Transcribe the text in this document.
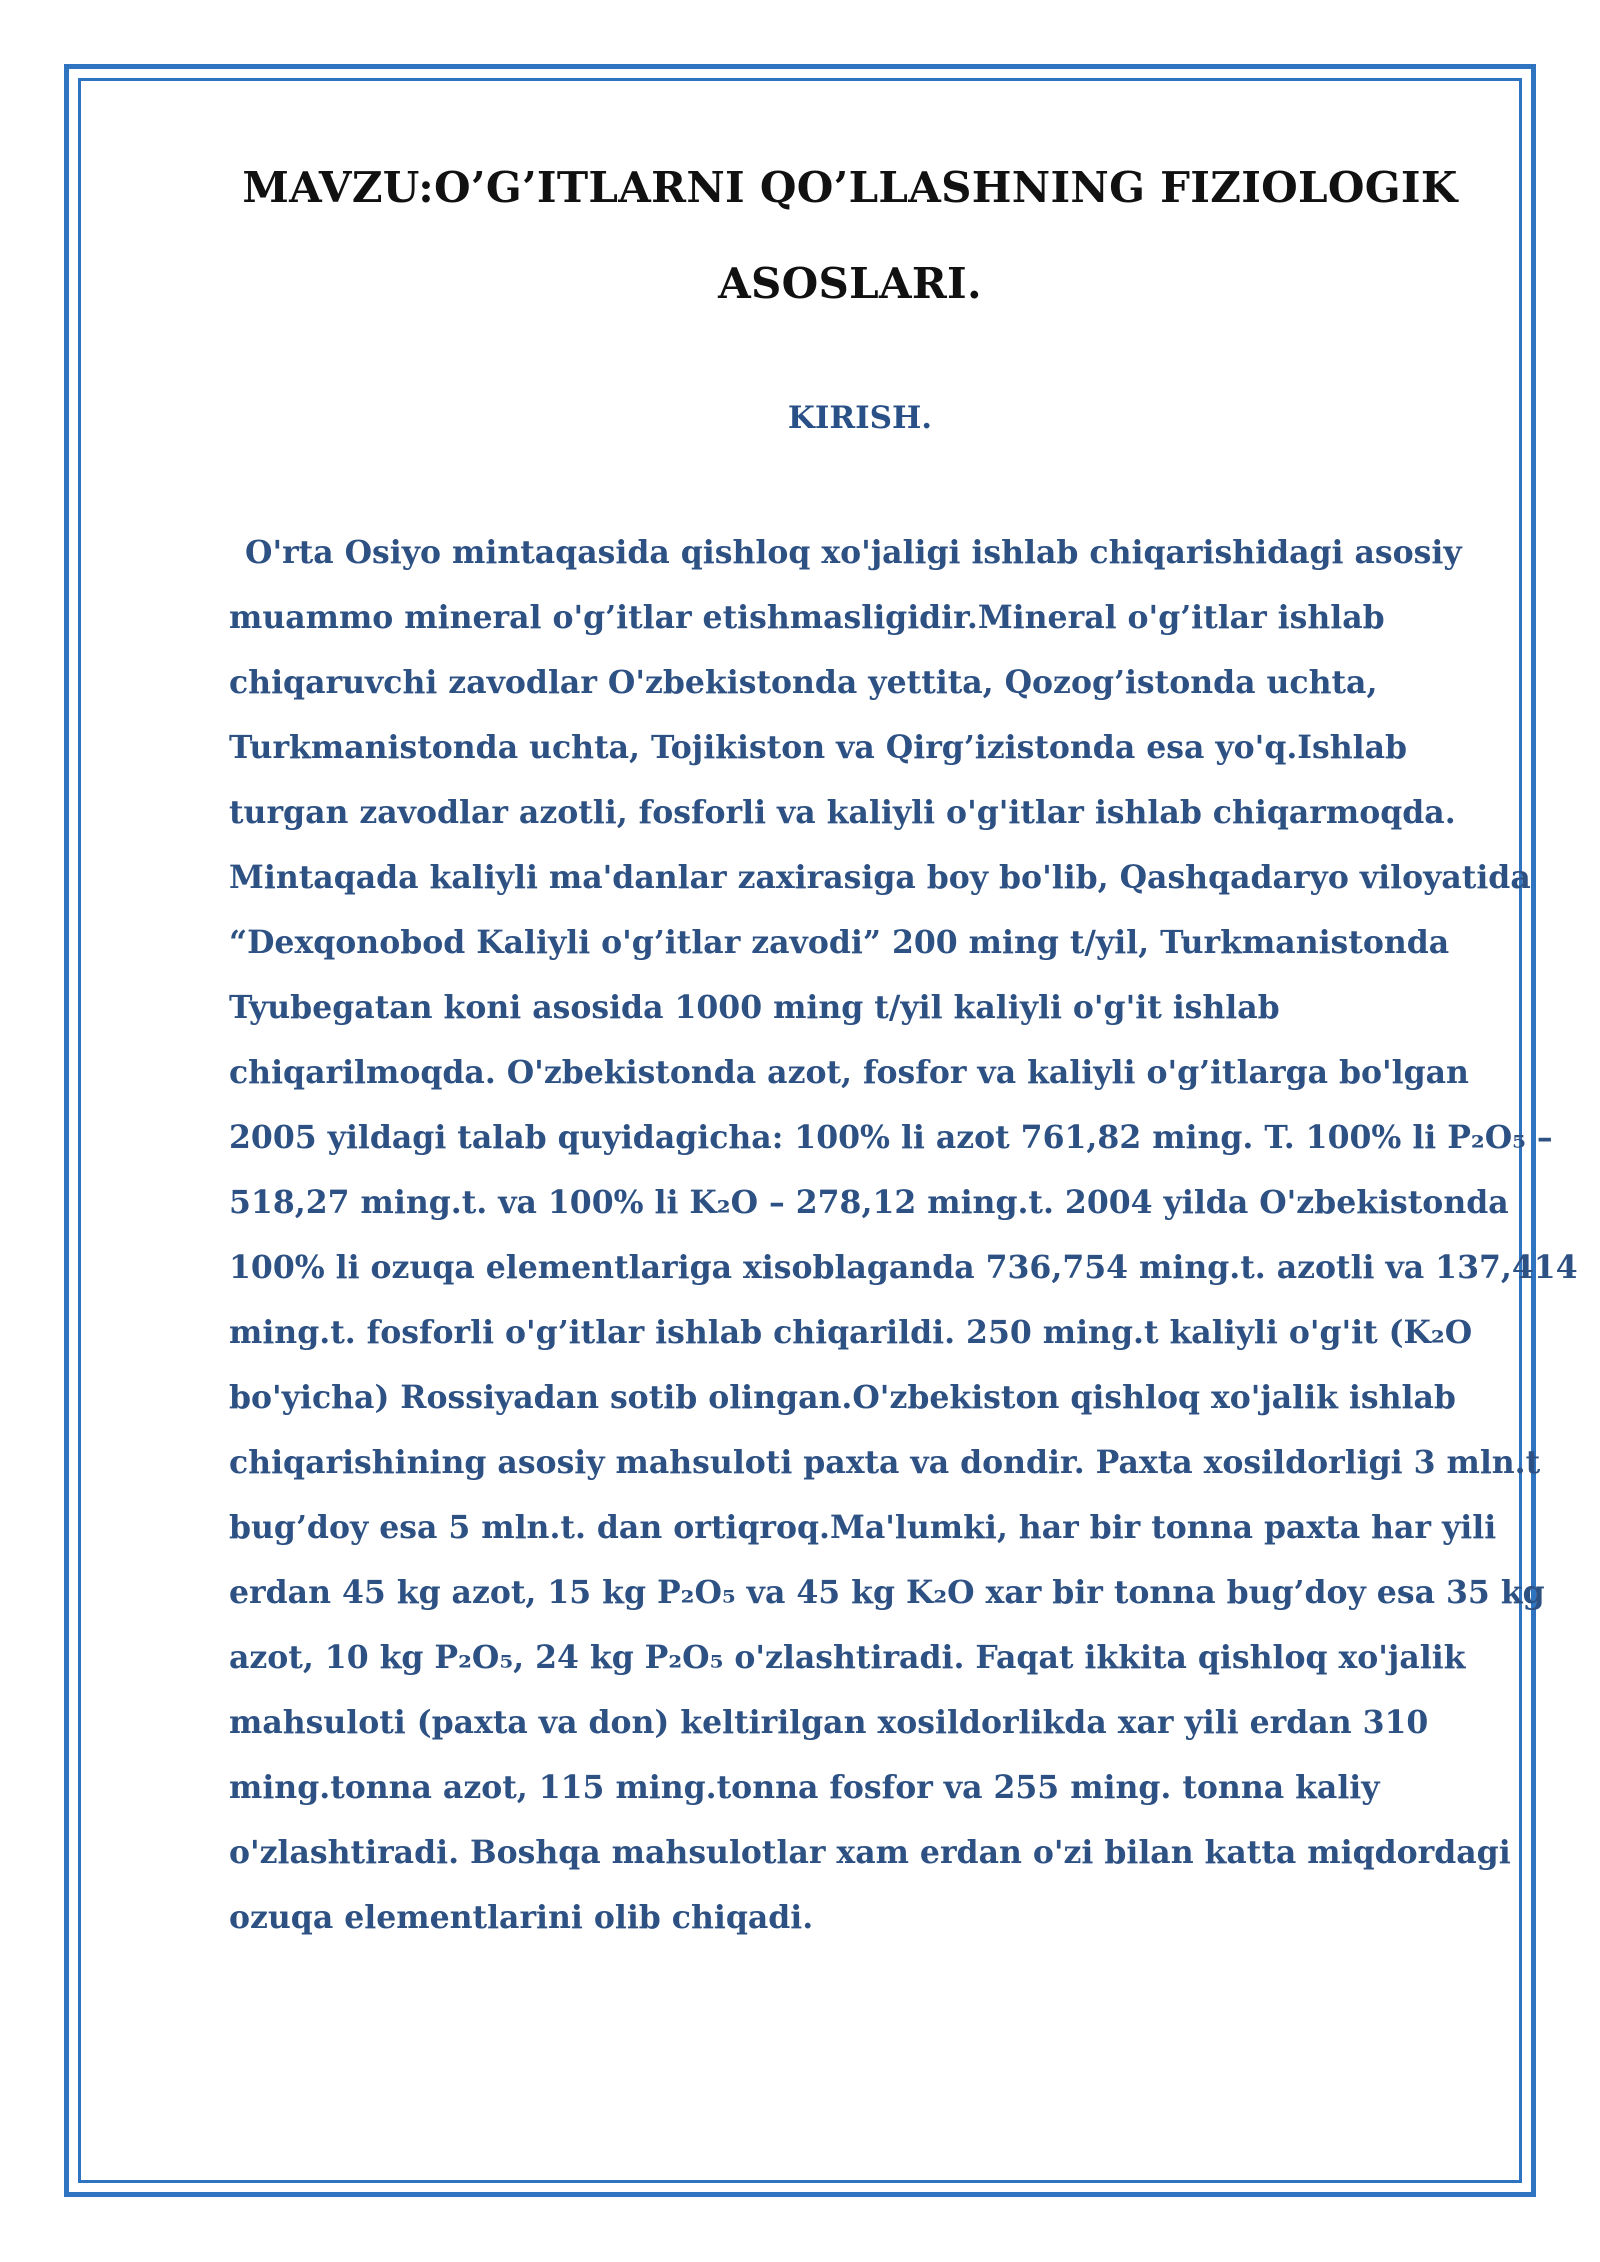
MAVZU:O’G’ITLARNI QO’LLASHNING FIZIOLOGIK
ASOSLARI.
KIRISH.
O'rta Osiyo mintaqasida qishloq xo'jaligi ishlab chiqarishidagi asosiy
muammo mineral o'g’itlar etishmasligidir.Mineral o'g’itlar ishlab
chiqaruvchi zavodlar O'zbekistonda yettita, Qozog’istonda uchta,
Turkmanistonda uchta, Tojikiston va Qirg’izistonda esa yo'q.Ishlab
turgan zavodlar azotli, fosforli va kaliyli o'g'itlar ishlab chiqarmoqda.
Mintaqada kaliyli ma'danlar zaxirasiga boy bo'lib, Qashqadaryo viloyatida
“Dexqonobod Kaliyli o'g’itlar zavodi” 200 ming t/yil, Turkmanistonda
Tyubegatan koni asosida 1000 ming t/yil kaliyli o'g'it ishlab
chiqarilmoqda. O'zbekistonda azot, fosfor va kaliyli o'g’itlarga bo'lgan
2005 yildagi talab quyidagicha: 100% li azot 761,82 ming. T. 100% li P₂O₅ –
518,27 ming.t. va 100% li K₂O – 278,12 ming.t. 2004 yilda O'zbekistonda
100% li ozuqa elementlariga xisoblaganda 736,754 ming.t. azotli va 137,414
ming.t. fosforli o'g’itlar ishlab chiqarildi. 250 ming.t kaliyli o'g'it (K₂O
bo'yicha) Rossiyadan sotib olingan.O'zbekiston qishloq xo'jalik ishlab
chiqarishining asosiy mahsuloti paxta va dondir. Paxta xosildorligi 3 mln.t
bug’doy esa 5 mln.t. dan ortiqroq.Ma'lumki, har bir tonna paxta har yili
erdan 45 kg azot, 15 kg P₂O₅ va 45 kg K₂O xar bir tonna bug’doy esa 35 kg
azot, 10 kg P₂O₅, 24 kg P₂O₅ o'zlashtiradi. Faqat ikkita qishloq xo'jalik
mahsuloti (paxta va don) keltirilgan xosildorlikda xar yili erdan 310
ming.tonna azot, 115 ming.tonna fosfor va 255 ming. tonna kaliy
o'zlashtiradi. Boshqa mahsulotlar xam erdan o'zi bilan katta miqdordagi
ozuqa elementlarini olib chiqadi.
